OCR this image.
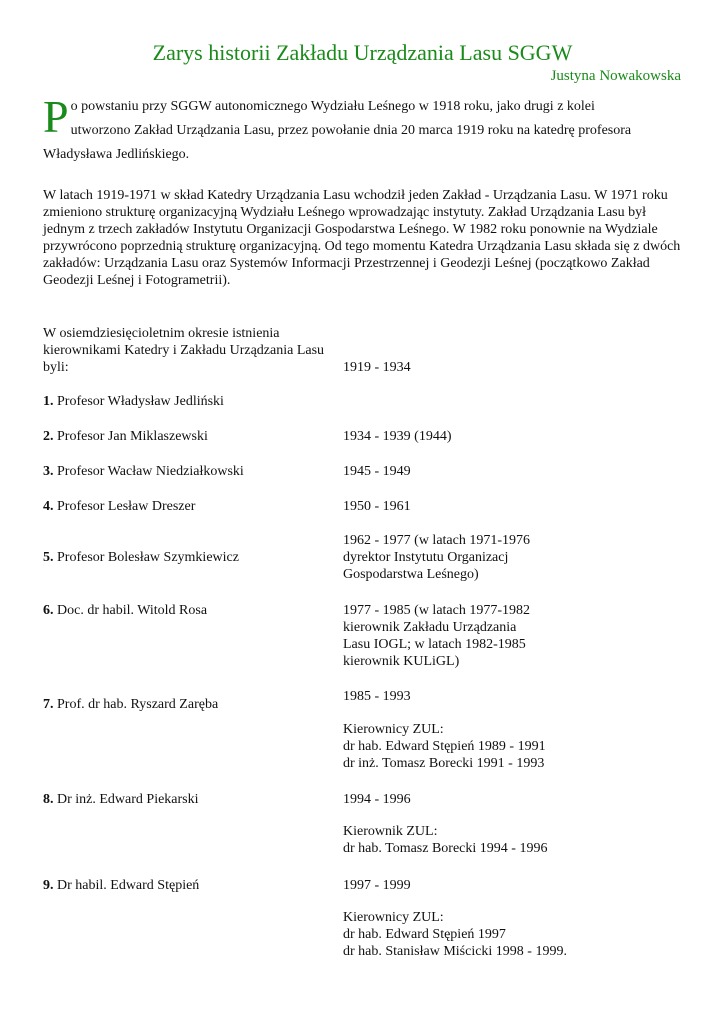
Zarys historii Zakładu Urządzania Lasu SGGW

Justyna Nowakowska

P o powstaniu przy SGGW autonomicznego Wydziału Leśnego w 1918 roku, jako drugi z kolei
utworzono Zakład Urządzania Lasu, przez powołanie dnia 20 marca 1919 roku na katedrę profesora
Władysława Jedlińskiego.

W latach 1919-1971 w skład Katedry Urządzania Lasu wchodził jeden Zakład - Urządzania Lasu. W 1971 roku zmieniono strukturę organizacyjną Wydziału Leśnego wprowadzając instytuty. Zakład Urządzania Lasu był jednym z trzech zakładów Instytutu Organizacji Gospodarstwa Leśnego. W 1982 roku ponownie na Wydziale przywrócono poprzednią strukturę organizacyjną. Od tego momentu Katedra Urządzania Lasu składa się z dwóch zakładów: Urządzania Lasu oraz Systemów Informacji Przestrzennej i Geodezji Leśnej (początkowo Zakład Geodezji Leśnej i Fotogrametrii).

W osiemdziesięcioletnim okresie istnienia kierownikami Katedry i Zakładu Urządzania Lasu byli:
1. Profesor Władysław Jedliński
2. Profesor Jan Miklaszewski
3. Profesor Wacław Niedziałkowski
4. Profesor Lesław Dreszer
5. Profesor Bolesław Szymkiewicz
6. Doc. dr habil. Witold Rosa
7. Prof. dr hab. Ryszard Zaręba
8. Dr inż. Edward Piekarski
9. Dr habil. Edward Stępień
1919 - 1934
1934 - 1939 (1944)
1945 - 1949
1950 - 1961
1962 - 1977 (w latach 1971-1976
dyrektor Instytutu Organizacj
Gospodarstwa Leśnego)
1977 - 1985 (w latach 1977-1982
kierownik Zakładu Urządzania
Lasu IOGL; w latach 1982-1985
kierownik KULiGL)
1985 - 1993
Kierownicy ZUL:
dr hab. Edward Stępień 1989 - 1991
dr inż. Tomasz Borecki 1991 - 1993
1994 - 1996
Kierownik ZUL:
dr hab. Tomasz Borecki 1994 - 1996
1997 - 1999
Kierownicy ZUL:
dr hab. Edward Stępień 1997
dr hab. Stanisław Miścicki 1998 - 1999.
